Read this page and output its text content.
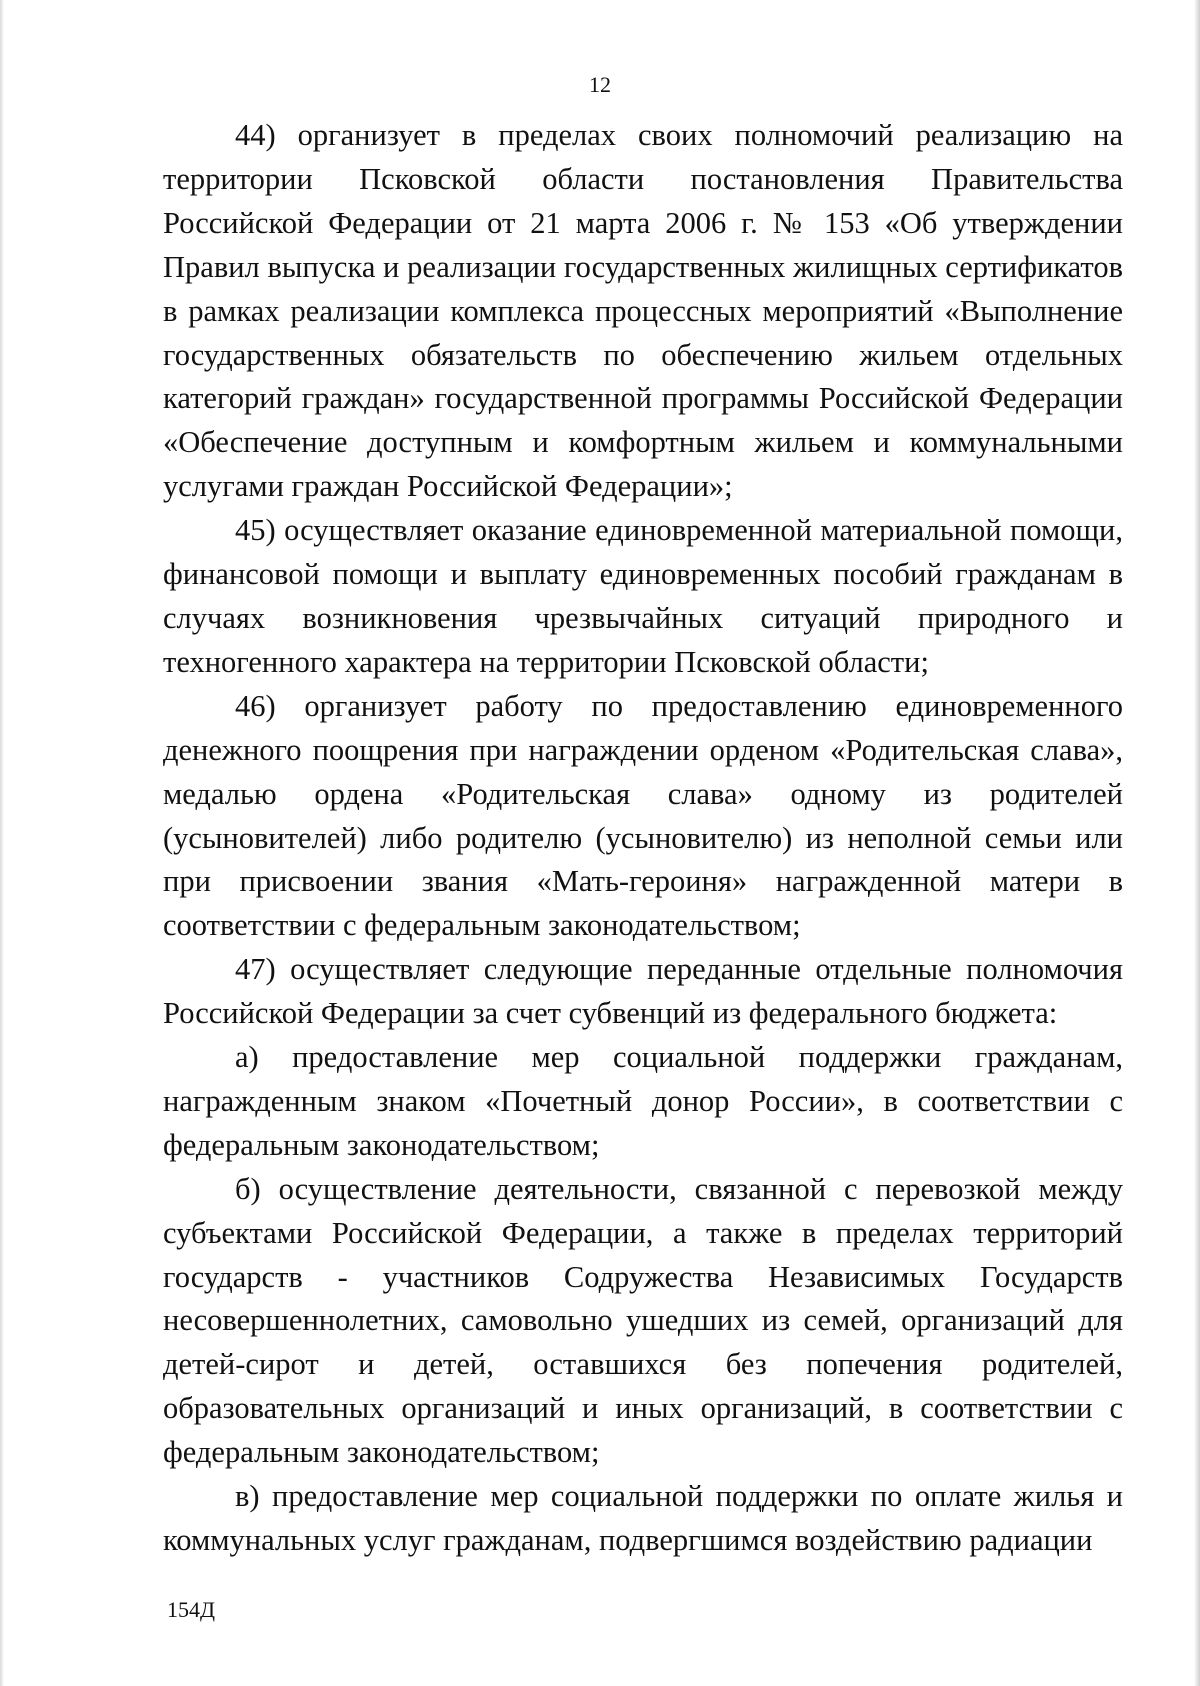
12

44) организует в пределах своих полномочий реализацию на территории Псковской области постановления Правительства Российской Федерации от 21 марта 2006 г. № 153 «Об утверждении Правил выпуска и реализации государственных жилищных сертификатов в рамках реализации комплекса процессных мероприятий «Выполнение государственных обязательств по обеспечению жильем отдельных категорий граждан» государственной программы Российской Федерации «Обеспечение доступным и комфортным жильем и коммунальными услугами граждан Российской Федерации»;

45) осуществляет оказание единовременной материальной помощи, финансовой помощи и выплату единовременных пособий гражданам в случаях возникновения чрезвычайных ситуаций природного и техногенного характера на территории Псковской области;

46) организует работу по предоставлению единовременного денежного поощрения при награждении орденом «Родительская слава», медалью ордена «Родительская слава» одному из родителей (усыновителей) либо родителю (усыновителю) из неполной семьи или при присвоении звания «Мать-героиня» награжденной матери в соответствии с федеральным законодательством;

47) осуществляет следующие переданные отдельные полномочия Российской Федерации за счет субвенций из федерального бюджета:

а) предоставление мер социальной поддержки гражданам, награжденным знаком «Почетный донор России», в соответствии с федеральным законодательством;

б) осуществление деятельности, связанной с перевозкой между субъектами Российской Федерации, а также в пределах территорий государств - участников Содружества Независимых Государств несовершеннолетних, самовольно ушедших из семей, организаций для детей-сирот и детей, оставшихся без попечения родителей, образовательных организаций и иных организаций, в соответствии с федеральным законодательством;

в) предоставление мер социальной поддержки по оплате жилья и коммунальных услуг гражданам, подвергшимся воздействию радиации

154Д
